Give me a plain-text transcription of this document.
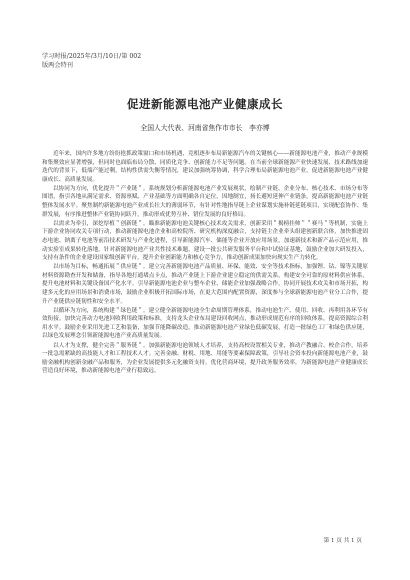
学习时报/2025年/3月/10日/第 002
版两会特刊
促进新能源电池产业健康成长
全国人大代表、河南省焦作市市长　李亦博

近年来，国内许多地方纷纷抢抓政策窗口和市场机遇，竞相逐步布局新能源汽车的关键核心——新能源电池产业，推动产业规模和集聚效应显著增强，但同时也面临布局分散、同质化竞争、创新能力不足等问题。在当前全球新能源产业快速发展、技术路线加速迭代的背景下，低端产能过剩，结构性供需失衡等情况，建议加强统筹协调，科学合理布局新能源电池产业，促进新能源电池产业健康成长、高质量发展。

以协同为方向，优化提升＂产业链＂。系统规划分析新能源电池产业发展现状，绘制产业链、企业分布、核心技术、市场分布等图谱，指引各地从满足需求、资源禀赋、产业基础等方面明确各自定位，因地制宜，扬长避短延伸产业链条，提高新能源电池产业链整体发展水平。聚焦制约新能源电池产业成长壮大的薄弱环节，有针对性地指导链上企业谋划实施补链延链项目，实现配套协作、集群发展，有序推进整体产业链协同跃升，推动形成优势互补、错位发展的良好格局。

以需求为牵引，深挖厚植＂创新链＂。瞄准新能源电池关键核心技术攻关需求，创新采用＂揭榜挂帅＂＂赛马＂等机制，实施上下游企业协同攻关专项行动，推动新能源电池企业和高校院所、研究机构深度融合，支持链主企业牵头组建创新联合体，加快推进固态电池、钠离子电池等前沿技术研发与产业化进程，引导新能源汽车、储能等企业开放应用场景，加速新技术和新产品示范应用，推动实验室成果转化落地。针对新能源电池产业共性技术难题，建设一批公共研发服务平台和中试验证基地，鼓励企业加大研发投入，支持有条件的企业建设国家级创新平台，提升企业创新能力和核心竞争力，推动创新成果加快向现实生产力转化。

以市场为目标，畅通拓展＂供应链＂。建立完善新能源电池产品质量、环保、能效、安全等技术指标，加强锂、钴、镍等关键原材料资源勘查开发和储备，指导各地打通堵点卡点，推动产业链上下游企业建立稳定的供需关系，构建安全可靠的原材料供应体系，提升电池材料和关键设备国产化水平。引导新能源电池企业与整车企业、储能企业加强战略合作，协同开展技术攻关和市场开拓，构建多元化的应用场景和消费市场，鼓励企业积极开拓国际市场，在更大范围内配置资源，深度参与全球新能源电池产业分工合作，提升产业链供应链韧性和安全水平。

以循环为方向，系统构建＂绿色链＂。建立健全新能源电池全生命周期管理体系，推动电池生产、使用、回收、再利用各环节有效衔接。加快完善动力电池回收利用政策和标准，支持龙头企业布局建设回收网点，推动形成规范有序的回收体系，提高资源综合利用水平。鼓励企业采用先进工艺和装备，加强节能降碳改造，推动新能源电池产业绿色低碳发展，打造一批绿色工厂和绿色供应链，以绿色发展理念引领新能源电池产业高质量发展。

以人才为支撑，健全完善＂服务链＂。加强新能源电池领域人才培养，支持高校设置相关专业，推动产教融合、校企合作，培养一批急需紧缺的高技能人才和工程技术人才。完善金融、财税、用地、用能等要素保障政策，引导社会资本投向新能源电池产业，鼓励金融机构创新金融产品和服务，为企业发展提供多元化融资支持。优化营商环境，提升政务服务效率，为新能源电池产业健康成长营造良好环境，推动新能源电池产业行稳致远。

第 1 页 共 1 页
